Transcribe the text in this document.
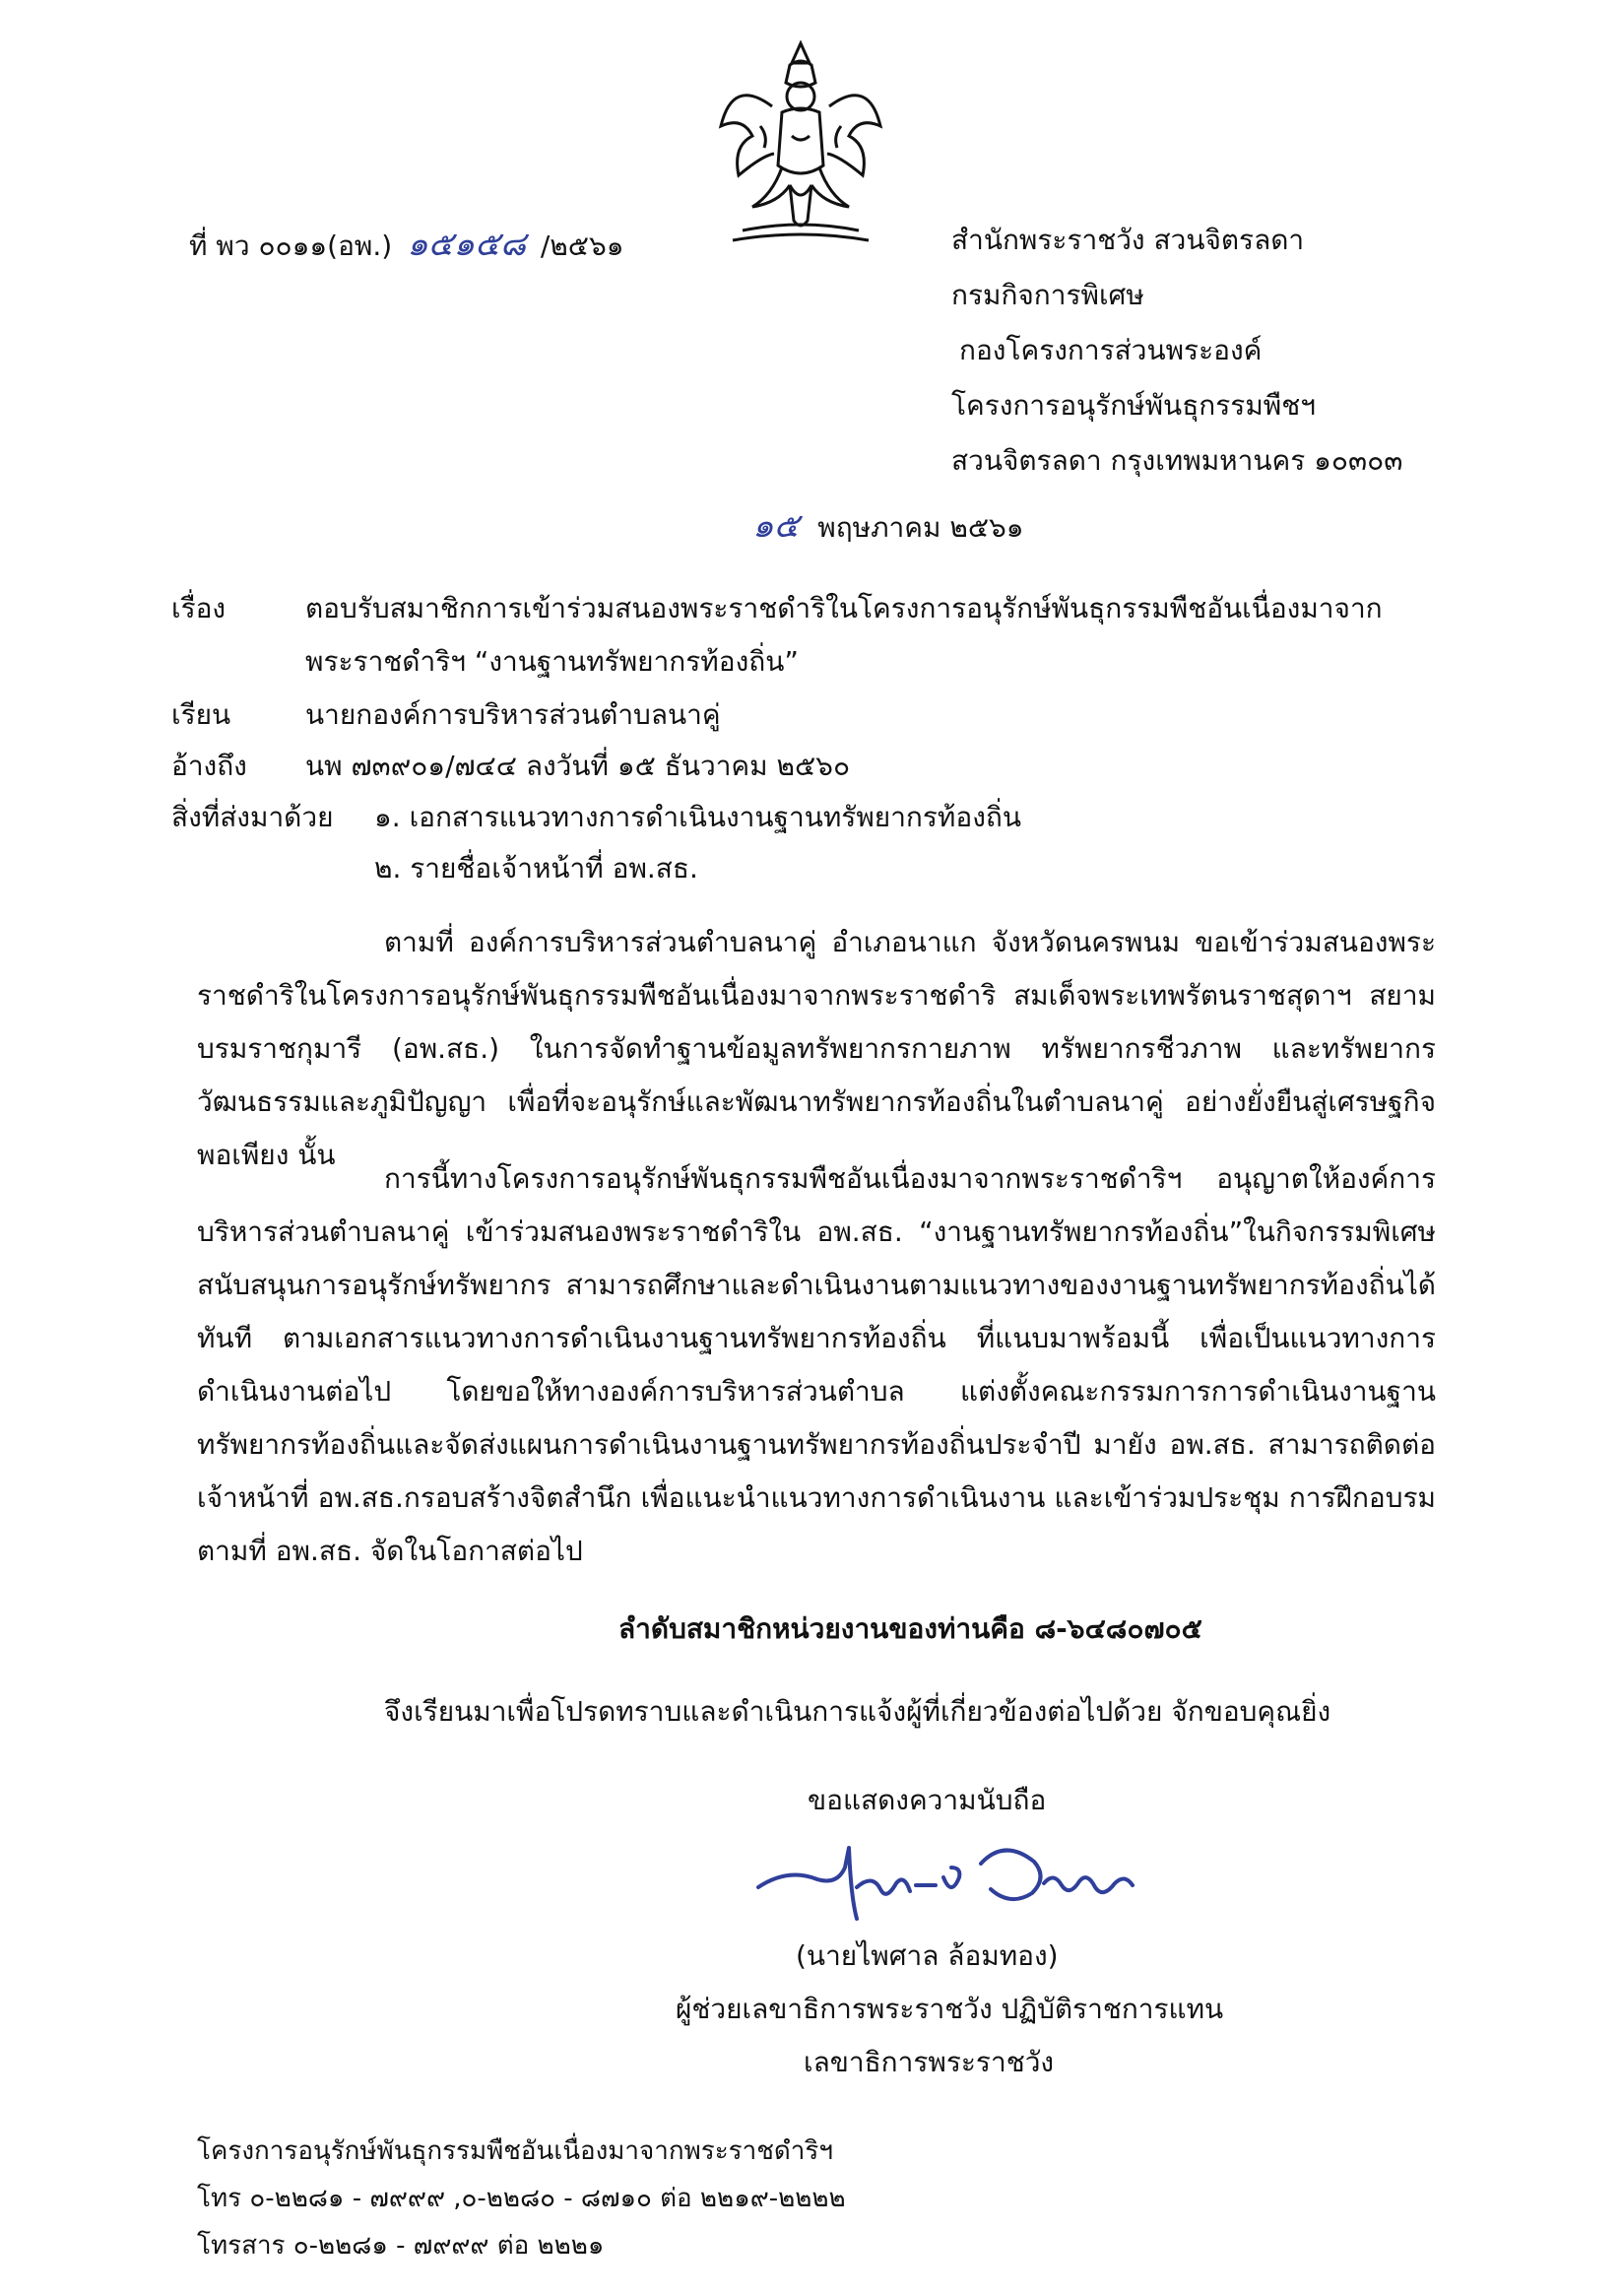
ที่ พว ๐๐๑๑(อพ.) ๑๕๑๕๘ /๒๕๖๑	สำนักพระราชวัง สวนจิตรลดา
กรมกิจการพิเศษ
กองโครงการส่วนพระองค์
โครงการอนุรักษ์พันธุกรรมพืชฯ
สวนจิตรลดา กรุงเทพมหานคร ๑๐๓๐๓
๑๕ พฤษภาคม ๒๕๖๑
เรื่อง	ตอบรับสมาชิกการเข้าร่วมสนองพระราชดำริในโครงการอนุรักษ์พันธุกรรมพืชอันเนื่องมาจาก
พระราชดำริฯ “งานฐานทรัพยากรท้องถิ่น”
เรียน	นายกองค์การบริหารส่วนตำบลนาคู่
อ้างถึง นพ ๗๓๙๐๑/๗๔๔ ลงวันที่ ๑๕ ธันวาคม ๒๕๖๐
สิ่งที่ส่งมาด้วย ๑. เอกสารแนวทางการดำเนินงานฐานทรัพยากรท้องถิ่น
๒. รายชื่อเจ้าหน้าที่ อพ.สธ.
ตามที่ องค์การบริหารส่วนตำบลนาคู่ อำเภอนาแก จังหวัดนครพนม ขอเข้าร่วมสนองพระราชดำริในโครงการอนุรักษ์พันธุกรรมพืชอันเนื่องมาจากพระราชดำริ สมเด็จพระเทพรัตนราชสุดาฯ สยามบรมราชกุมารี (อพ.สธ.) ในการจัดทำฐานข้อมูลทรัพยากรกายภาพ ทรัพยากรชีวภาพ และทรัพยากรวัฒนธรรมและภูมิปัญญา เพื่อที่จะอนุรักษ์และพัฒนาทรัพยากรท้องถิ่นในตำบลนาคู่ อย่างยั่งยืนสู่เศรษฐกิจพอเพียง นั้น
การนี้ทางโครงการอนุรักษ์พันธุกรรมพืชอันเนื่องมาจากพระราชดำริฯ อนุญาตให้องค์การบริหารส่วนตำบลนาคู่ เข้าร่วมสนองพระราชดำริใน อพ.สธ. “งานฐานทรัพยากรท้องถิ่น”ในกิจกรรมพิเศษสนับสนุนการอนุรักษ์ทรัพยากร สามารถศึกษาและดำเนินงานตามแนวทางของงานฐานทรัพยากรท้องถิ่นได้ทันที ตามเอกสารแนวทางการดำเนินงานฐานทรัพยากรท้องถิ่น ที่แนบมาพร้อมนี้ เพื่อเป็นแนวทางการดำเนินงานต่อไป โดยขอให้ทางองค์การบริหารส่วนตำบล แต่งตั้งคณะกรรมการการดำเนินงานฐานทรัพยากรท้องถิ่นและจัดส่งแผนการดำเนินงานฐานทรัพยากรท้องถิ่นประจำปี มายัง อพ.สธ. สามารถติดต่อเจ้าหน้าที่ อพ.สธ.กรอบสร้างจิตสำนึก เพื่อแนะนำแนวทางการดำเนินงาน และเข้าร่วมประชุม การฝึกอบรม ตามที่ อพ.สธ. จัดในโอกาสต่อไป
ลำดับสมาชิกหน่วยงานของท่านคือ ๘-๖๔๘๐๗๐๕
จึงเรียนมาเพื่อโปรดทราบและดำเนินการแจ้งผู้ที่เกี่ยวข้องต่อไปด้วย จักขอบคุณยิ่ง
ขอแสดงความนับถือ
(นายไพศาล ล้อมทอง)
ผู้ช่วยเลขาธิการพระราชวัง ปฏิบัติราชการแทน
เลขาธิการพระราชวัง
โครงการอนุรักษ์พันธุกรรมพืชอันเนื่องมาจากพระราชดำริฯ
โทร ๐-๒๒๘๑ - ๗๙๙๙ ,๐-๒๒๘๐ - ๘๗๑๐ ต่อ ๒๒๑๙-๒๒๒๒
โทรสาร ๐-๒๒๘๑ - ๗๙๙๙ ต่อ ๒๒๒๑
